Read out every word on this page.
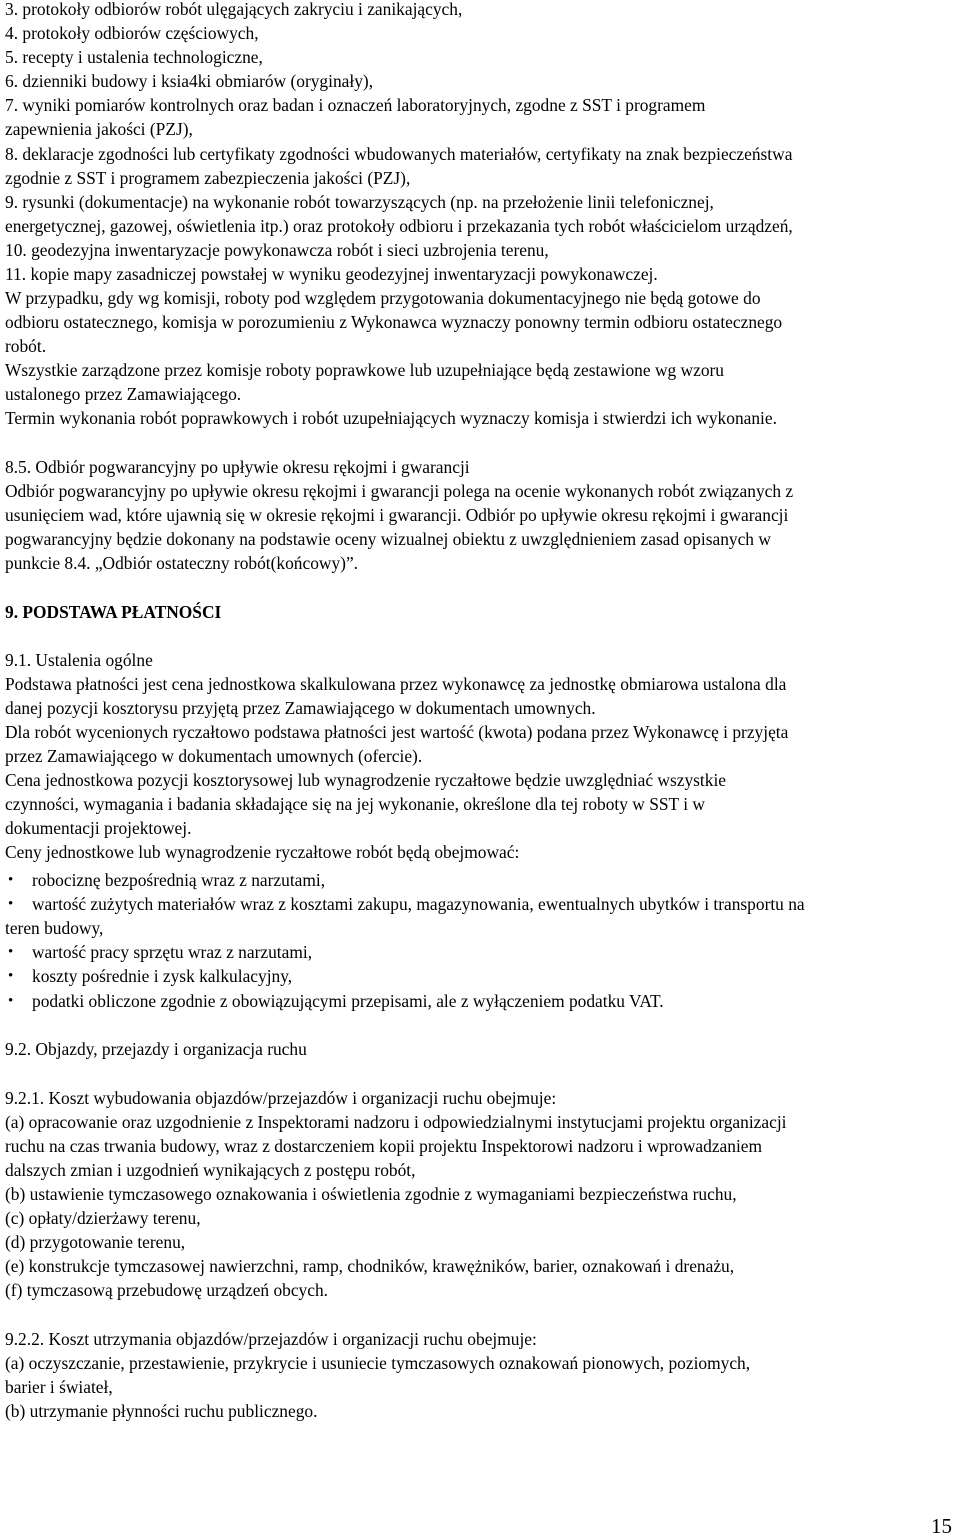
3. protokoły odbiorów robót ulęgających zakryciu i zanikających,

4. protokoły odbiorów częściowych,

5. recepty i ustalenia technologiczne,

6. dzienniki budowy i ksia4ki obmiarów (oryginały),

7. wyniki pomiarów kontrolnych oraz badan i oznaczeń laboratoryjnych, zgodne z SST i programem

zapewnienia jakości (PZJ),

8. deklaracje zgodności lub certyfikaty zgodności wbudowanych materiałów, certyfikaty na znak bezpieczeństwa

zgodnie z SST i programem zabezpieczenia jakości (PZJ),

9. rysunki (dokumentacje) na wykonanie robót towarzyszących (np. na przełożenie linii telefonicznej,

energetycznej, gazowej, oświetlenia itp.) oraz protokoły odbioru i przekazania tych robót właścicielom urządzeń,

10. geodezyjna inwentaryzacje powykonawcza robót i sieci uzbrojenia terenu,

11. kopie mapy zasadniczej powstałej w wyniku geodezyjnej inwentaryzacji powykonawczej.

W przypadku, gdy wg komisji, roboty pod względem przygotowania dokumentacyjnego nie będą gotowe do

odbioru ostatecznego, komisja w porozumieniu z Wykonawca wyznaczy ponowny termin odbioru ostatecznego

robót.

Wszystkie zarządzone przez komisje roboty poprawkowe lub uzupełniające będą zestawione wg wzoru

ustalonego przez Zamawiającego.

Termin wykonania robót poprawkowych i robót uzupełniających wyznaczy komisja i stwierdzi ich wykonanie.

8.5. Odbiór pogwarancyjny po upływie okresu rękojmi i gwarancji

Odbiór pogwarancyjny po upływie okresu rękojmi i gwarancji polega na ocenie wykonanych robót związanych z

usunięciem wad, które ujawnią się w okresie rękojmi i gwarancji. Odbiór po upływie okresu rękojmi i gwarancji

pogwarancyjny będzie dokonany na podstawie oceny wizualnej obiektu z uwzględnieniem zasad opisanych w

punkcie 8.4. „Odbiór ostateczny robót(końcowy)”.

9. PODSTAWA PŁATNOŚCI

9.1. Ustalenia ogólne

Podstawa płatności jest cena jednostkowa skalkulowana przez wykonawcę za jednostkę obmiarowa ustalona dla

danej pozycji kosztorysu przyjętą przez Zamawiającego w dokumentach umownych.

Dla robót wycenionych ryczałtowo podstawa płatności jest wartość (kwota) podana przez Wykonawcę i przyjęta

przez Zamawiającego w dokumentach umownych (ofercie).

Cena jednostkowa pozycji kosztorysowej lub wynagrodzenie ryczałtowe będzie uwzględniać wszystkie

czynności, wymagania i badania składające się na jej wykonanie, określone dla tej roboty w SST i w

dokumentacji projektowej.

Ceny jednostkowe lub wynagrodzenie ryczałtowe robót będą obejmować:

• robociznę bezpośrednią wraz z narzutami,

• wartość zużytych materiałów wraz z kosztami zakupu, magazynowania, ewentualnych ubytków i transportu na

teren budowy,

• wartość pracy sprzętu wraz z narzutami,

• koszty pośrednie i zysk kalkulacyjny,

• podatki obliczone zgodnie z obowiązującymi przepisami, ale z wyłączeniem podatku VAT.

9.2. Objazdy, przejazdy i organizacja ruchu

9.2.1. Koszt wybudowania objazdów/przejazdów i organizacji ruchu obejmuje:

(a) opracowanie oraz uzgodnienie z Inspektorami nadzoru i odpowiedzialnymi instytucjami projektu organizacji

ruchu na czas trwania budowy, wraz z dostarczeniem kopii projektu Inspektorowi nadzoru i wprowadzaniem

dalszych zmian i uzgodnień wynikających z postępu robót,

(b) ustawienie tymczasowego oznakowania i oświetlenia zgodnie z wymaganiami bezpieczeństwa ruchu,

(c) opłaty/dzierżawy terenu,

(d) przygotowanie terenu,

(e) konstrukcje tymczasowej nawierzchni, ramp, chodników, krawężników, barier, oznakowań i drenażu,

(f) tymczasową przebudowę urządzeń obcych.

9.2.2. Koszt utrzymania objazdów/przejazdów i organizacji ruchu obejmuje:

(a) oczyszczanie, przestawienie, przykrycie i usuniecie tymczasowych oznakowań pionowych, poziomych,

barier i świateł,

(b) utrzymanie płynności ruchu publicznego.

15
